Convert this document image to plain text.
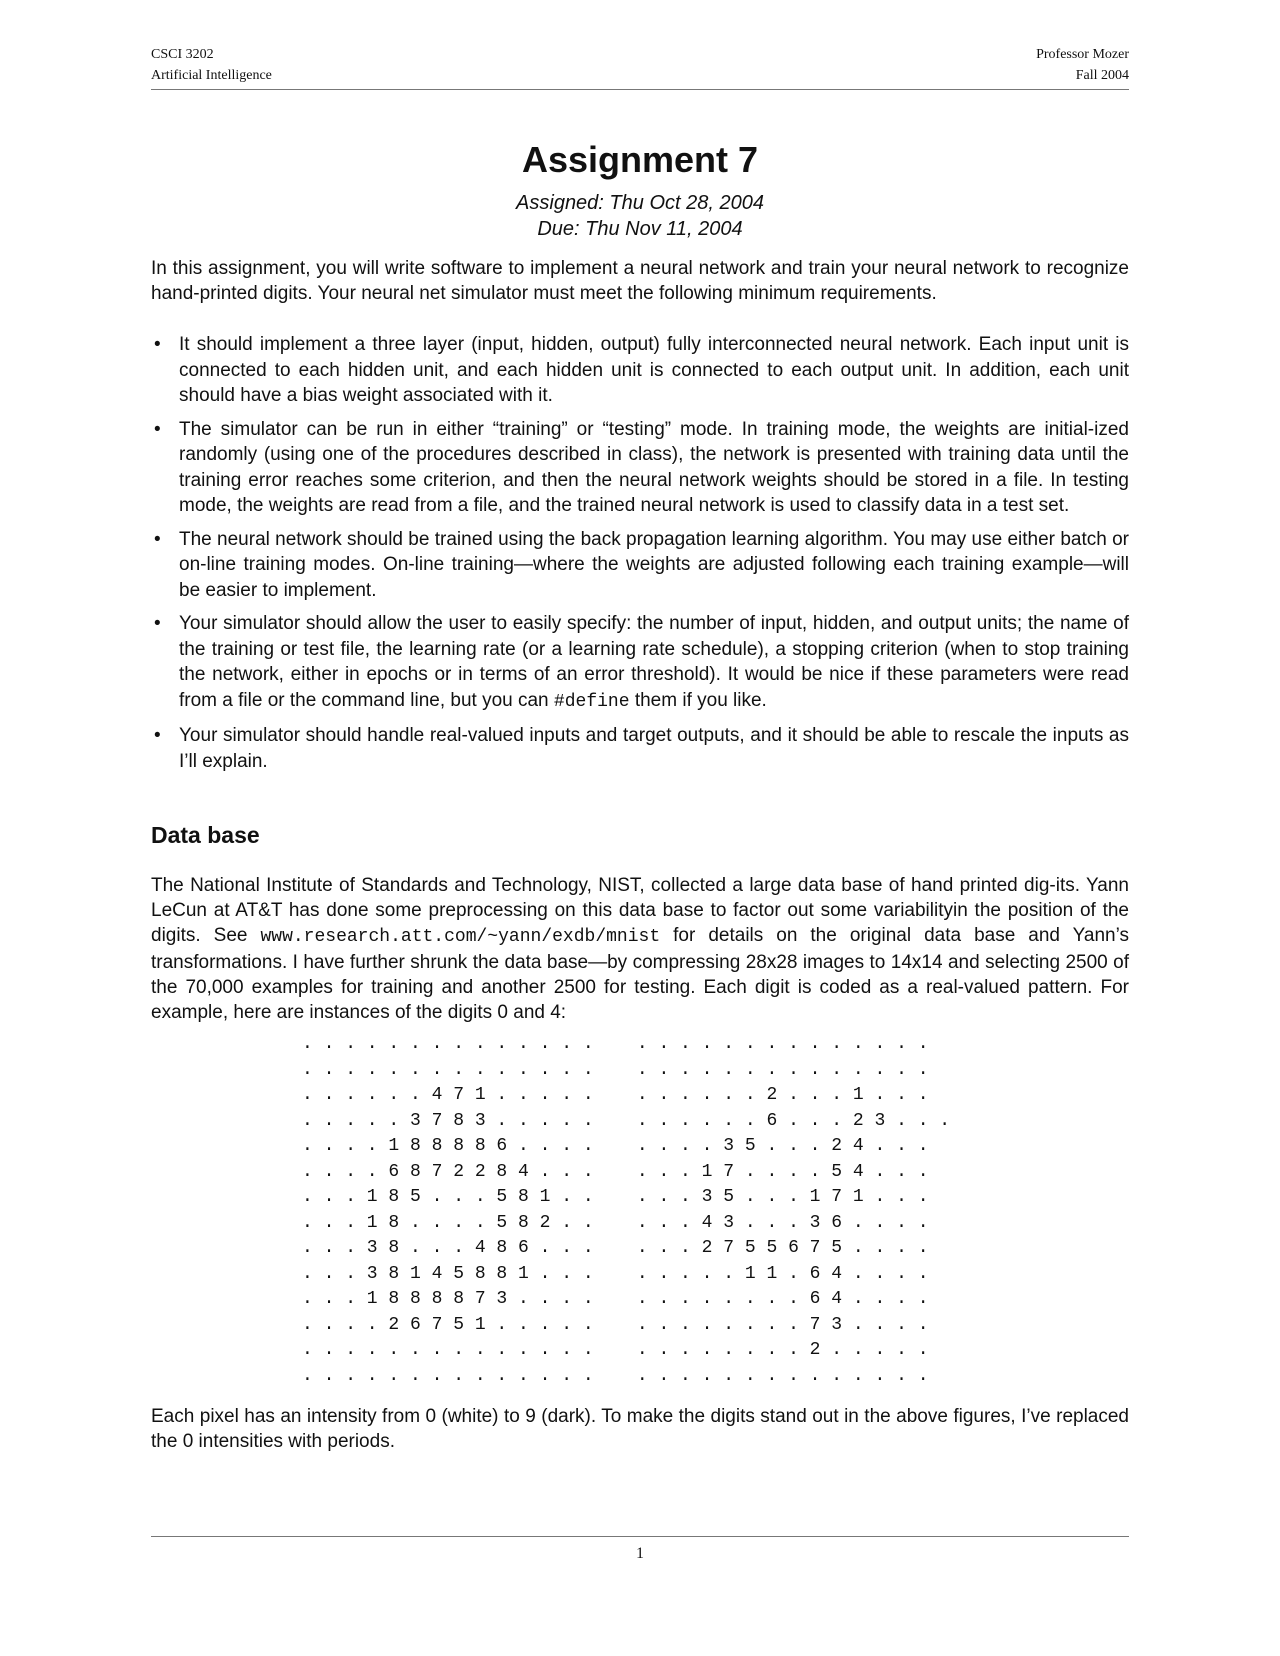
CSCI 3202
Artificial Intelligence
Professor Mozer
Fall 2004
Assignment 7
Assigned: Thu Oct 28, 2004
Due: Thu Nov 11, 2004

In this assignment, you will write software to implement a neural network and train your neural network to recognize hand-printed digits. Your neural net simulator must meet the following minimum requirements.

• It should implement a three layer (input, hidden, output) fully interconnected neural network. Each input unit is connected to each hidden unit, and each hidden unit is connected to each output unit. In addition, each unit should have a bias weight associated with it.
• The simulator can be run in either “training” or “testing” mode. In training mode, the weights are initial-ized randomly (using one of the procedures described in class), the network is presented with training data until the training error reaches some criterion, and then the neural network weights should be stored in a file. In testing mode, the weights are read from a file, and the trained neural network is used to classify data in a test set.
• The neural network should be trained using the back propagation learning algorithm. You may use either batch or on-line training modes. On-line training—where the weights are adjusted following each training example—will be easier to implement.
• Your simulator should allow the user to easily specify: the number of input, hidden, and output units; the name of the training or test file, the learning rate (or a learning rate schedule), a stopping criterion (when to stop training the network, either in epochs or in terms of an error threshold). It would be nice if these parameters were read from a file or the command line, but you can #define them if you like.
• Your simulator should handle real-valued inputs and target outputs, and it should be able to rescale the inputs as I’ll explain.
Data base

The National Institute of Standards and Technology, NIST, collected a large data base of hand printed dig-its. Yann LeCun at AT&T has done some preprocessing on this data base to factor out some variabilityin the position of the digits. See www.research.att.com/~yann/exdb/mnist for details on the original data base and Yann’s transformations. I have further shrunk the data base—by compressing 28x28 images to 14x14 and selecting 2500 of the 70,000 examples for training and another 2500 for testing. Each digit is coded as a real-valued pattern. For example, here are instances of the digits 0 and 4:

. . . . . . . . . . . . . .    . . . . . . . . . . . . . .
. . . . . . . . . . . . . .    . . . . . . . . . . . . . .
. . . . . . 4 7 1 . . . . .    . . . . . . 2 . . . 1 . . .
. . . . . 3 7 8 3 . . . . .    . . . . . . 6 . . . 2 3 . . .
. . . . 1 8 8 8 8 6 . . . .    . . . . 3 5 . . . 2 4 . . .
. . . . 6 8 7 2 2 8 4 . . .    . . . 1 7 . . . . 5 4 . . .
. . . 1 8 5 . . . 5 8 1 . .    . . . 3 5 . . . 1 7 1 . . .
. . . 1 8 . . . . 5 8 2 . .    . . . 4 3 . . . 3 6 . . . .
. . . 3 8 . . . 4 8 6 . . .    . . . 2 7 5 5 6 7 5 . . . .
. . . 3 8 1 4 5 8 8 1 . . .    . . . . . 1 1 . 6 4 . . . .
. . . 1 8 8 8 8 7 3 . . . .    . . . . . . . . 6 4 . . . .
. . . . 2 6 7 5 1 . . . . .    . . . . . . . . 7 3 . . . .
. . . . . . . . . . . . . .    . . . . . . . . 2 . . . . .
. . . . . . . . . . . . . .    . . . . . . . . . . . . . .

Each pixel has an intensity from 0 (white) to 9 (dark). To make the digits stand out in the above figures, I’ve replaced the 0 intensities with periods.

1
